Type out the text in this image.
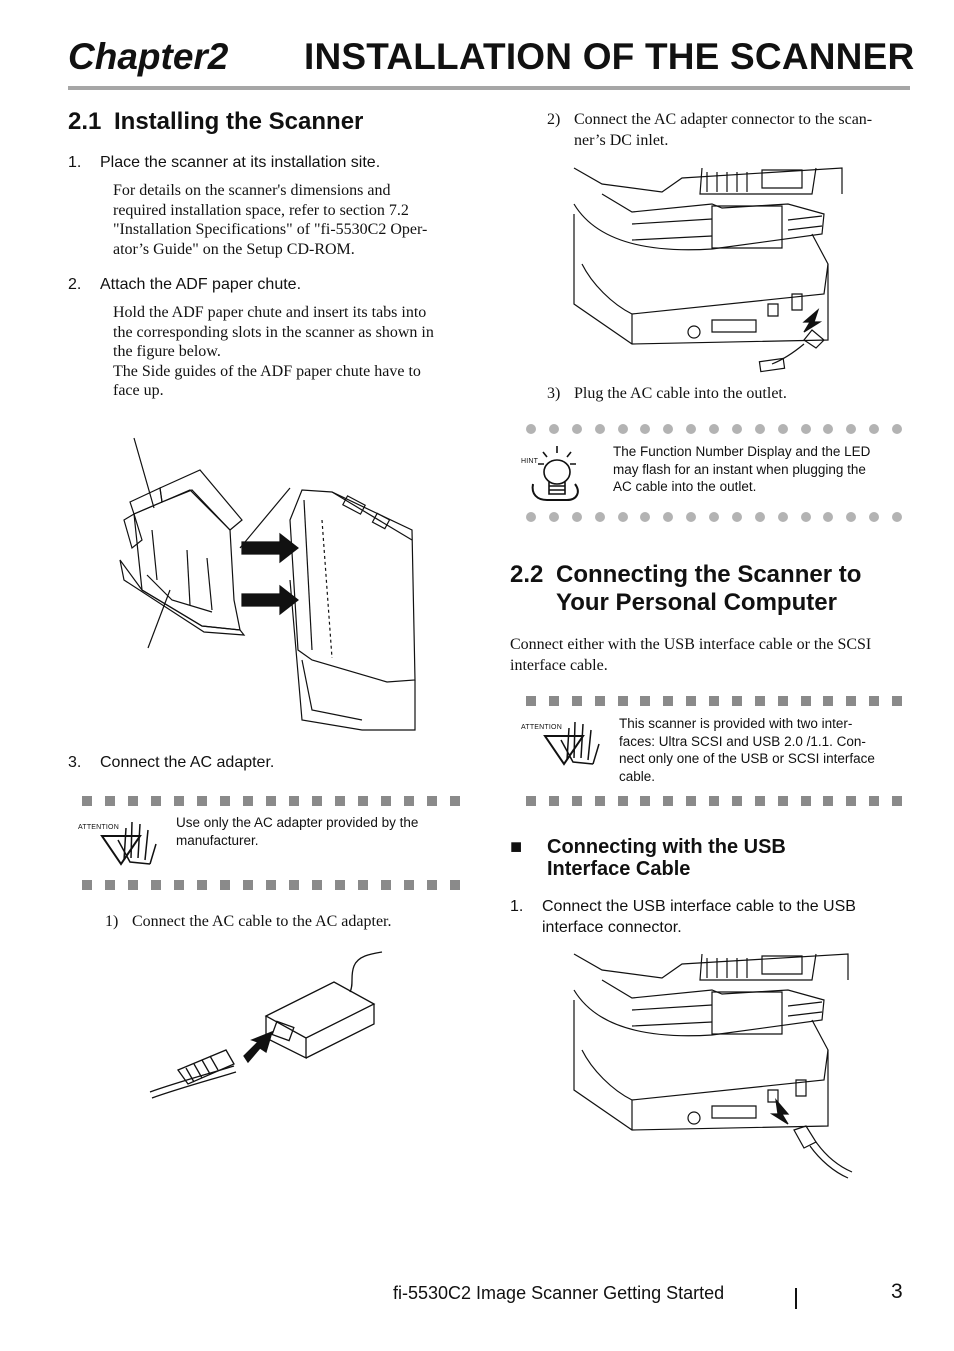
Chapter2 INSTALLATION OF THE SCANNER
2.1 Installing the Scanner
1. Place the scanner at its installation site.
For details on the scanner's dimensions and
required installation space, refer to section 7.2
"Installation Specifications" of "fi-5530C2 Oper-
ator’s Guide" on the Setup CD-ROM.
2. Attach the ADF paper chute.
Hold the ADF paper chute and insert its tabs into
the corresponding slots in the scanner as shown in
the figure below.
The Side guides of the ADF paper chute have to
face up.
3. Connect the AC adapter.
ATTENTION	Use only the AC adapter provided by the
manufacturer.
1) Connect the AC cable to the AC adapter.
2) Connect the AC adapter connector to the scan-
ner’s DC inlet.
3) Plug the AC cable into the outlet.
HINT
The Function Number Display and the LED
may flash for an instant when plugging the
AC cable into the outlet.
2.2 Connecting the Scanner to
Your Personal Computer
Connect either with the USB interface cable or the SCSI
interface cable.
ATTENTION	This scanner is provided with two inter-
faces: Ultra SCSI and USB 2.0 /1.1. Con-
nect only one of the USB or SCSI interface
cable.
■ Connecting with the USB
Interface Cable
1. Connect the USB interface cable to the USB
interface connector.
fi-5530C2 Image Scanner Getting Started	3
